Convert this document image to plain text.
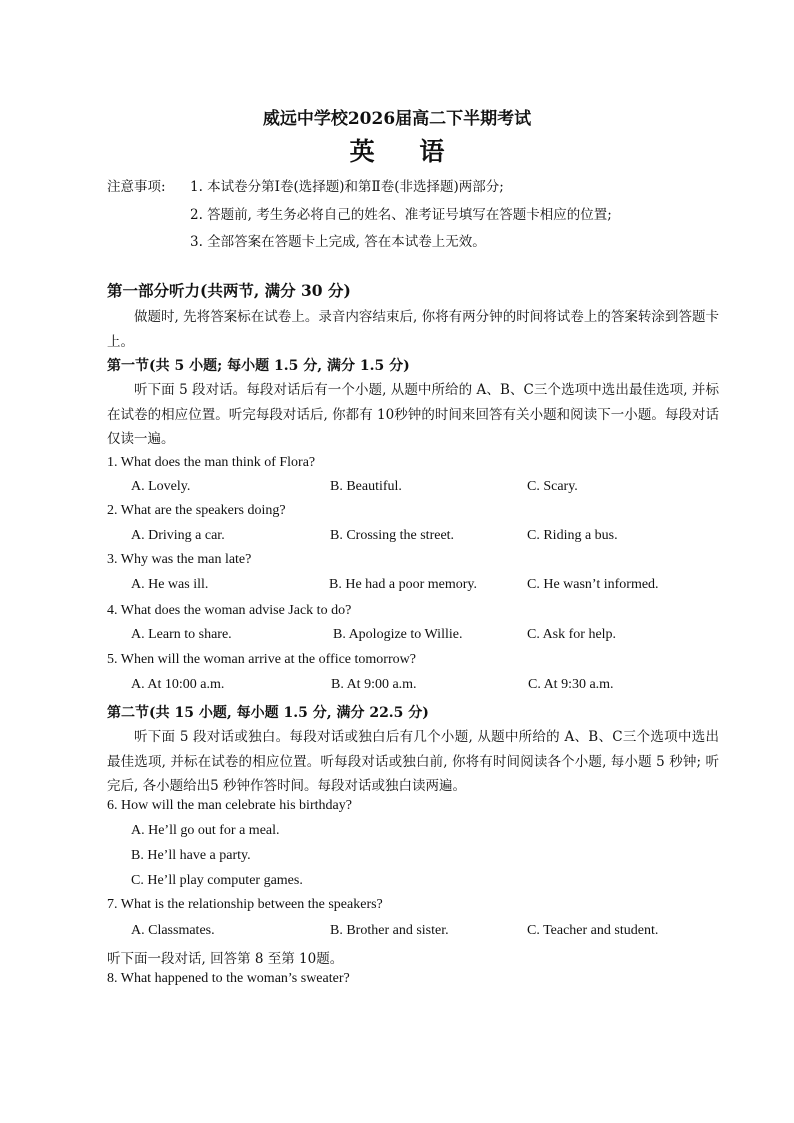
威远中学校2026届高二下半期考试
英 语
注意事项: 1. 本试卷分第Ⅰ卷(选择题)和第Ⅱ卷(非选择题)两部分;
2. 答题前, 考生务必将自己的姓名、准考证号填写在答题卡相应的位置;
3. 全部答案在答题卡上完成, 答在本试卷上无效。
第一部分听力(共两节, 满分 30 分)
做题时, 先将答案标在试卷上。录音内容结束后, 你将有两分钟的时间将试卷上的答案转涂到答题卡上。
第一节(共 5 小题; 每小题 1.5 分, 满分 1.5 分)
听下面 5 段对话。每段对话后有一个小题, 从题中所给的 A、B、C三个选项中选出最佳选项, 并标在试卷的相应位置。听完每段对话后, 你都有 10秒钟的时间来回答有关小题和阅读下一小题。每段对话仅读一遍。
1. What does the man think of Flora?
A. Lovely.	B. Beautiful.	C. Scary.
2. What are the speakers doing?
A. Driving a car.	B. Crossing the street.	C. Riding a bus.
3. Why was the man late?
A. He was ill.	B. He had a poor memory.	C. He wasn’t informed.
4. What does the woman advise Jack to do?
A. Learn to share.	B. Apologize to Willie.	C. Ask for help.
5. When will the woman arrive at the office tomorrow?
A. At 10:00 a.m.	B. At 9:00 a.m.	C. At 9:30 a.m.
第二节(共 15 小题, 每小题 1.5 分, 满分 22.5 分)
听下面 5 段对话或独白。每段对话或独白后有几个小题, 从题中所给的 A、B、C三个选项中选出最佳选项, 并标在试卷的相应位置。听每段对话或独白前, 你将有时间阅读各个小题, 每小题 5 秒钟; 听完后, 各小题给出5 秒钟作答时间。每段对话或独白读两遍。
6. How will the man celebrate his birthday?
A. He’ll go out for a meal.
B. He’ll have a party.
C. He’ll play computer games.
7. What is the relationship between the speakers?
A. Classmates.	B. Brother and sister.	C. Teacher and student.
听下面一段对话, 回答第 8 至第 10题。
8. What happened to the woman’s sweater?
